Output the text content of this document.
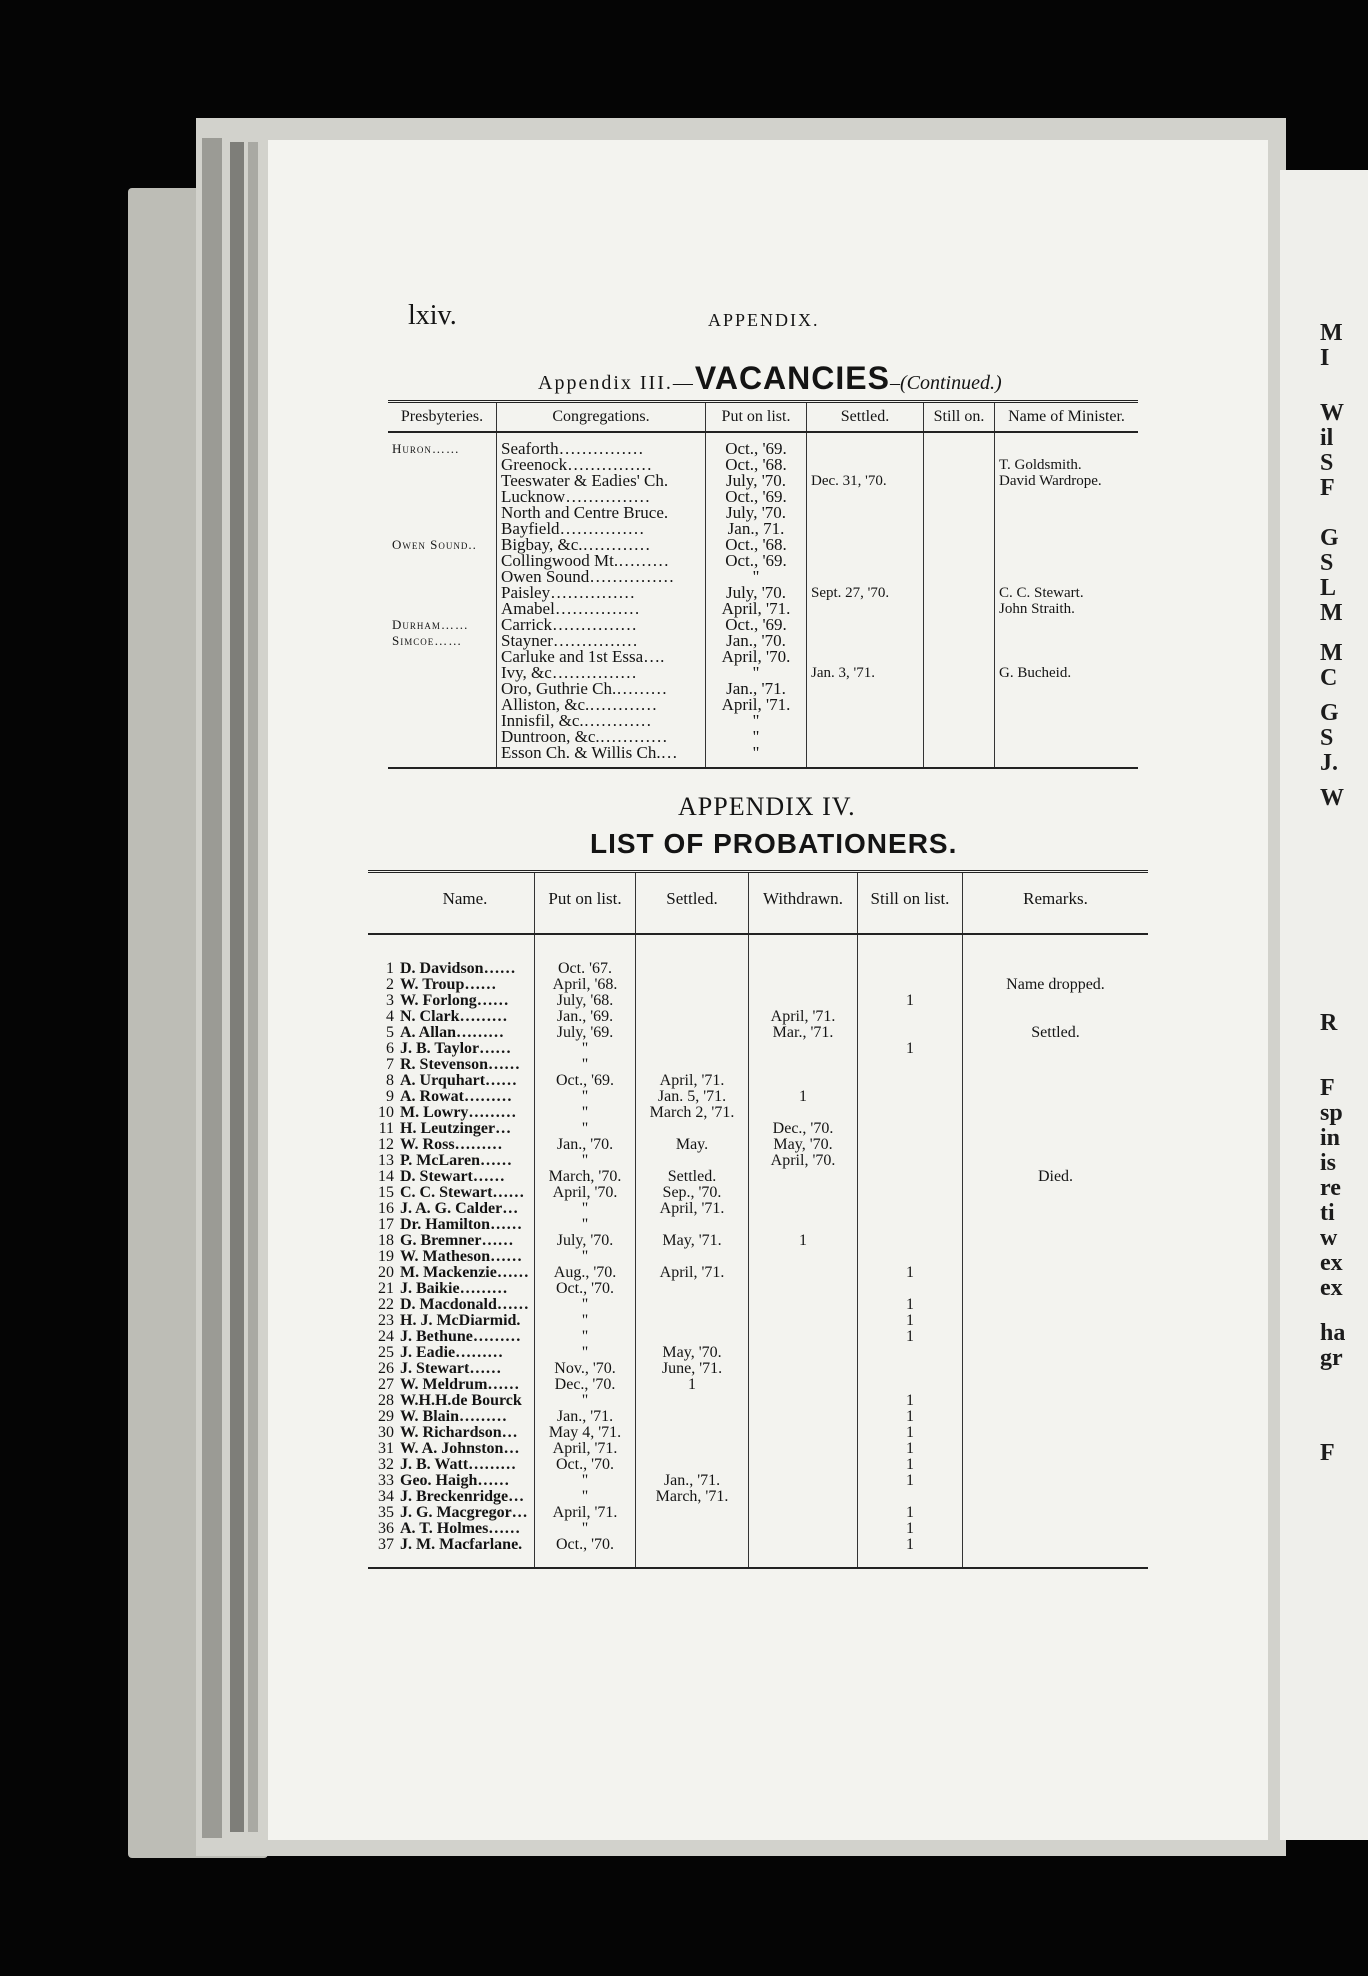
M
I
W
il
S
F
G
S
L
M
M
C
G
S
J.
W
R
F
sp
in
is
re
ti
w
ex
ex
ha
gr
F
lxiv.	APPENDIX.
Appendix III.—VACANCIES–(Continued.)
Presbyteries.	Congregations.	Put on list.	Settled.	Still on.	Name of Minister.
Huron……	Seaforth……………	Oct., '69.			
	Greenock……………	Oct., '68.			T. Goldsmith.
	Teeswater & Eadies' Ch.	July, '70.	Dec. 31, '70.		David Wardrope.
	Lucknow……………	Oct., '69.			
	North and Centre Bruce.	July, '70.			
	Bayfield……………	Jan., 71.			
Owen Sound..	Bigbay, &c.…………	Oct., '68.			
	Collingwood Mt.………	Oct., '69.			
	Owen Sound……………	"			
	Paisley……………	July, '70.	Sept. 27, '70.		C. C. Stewart.
	Amabel……………	April, '71.			John Straith.
Durham……	Carrick……………	Oct., '69.			
Simcoe……	Stayner……………	Jan., '70.			
	Carluke and 1st Essa….	April, '70.			
	Ivy, &c……………	"	Jan. 3, '71.		G. Bucheid.
	Oro, Guthrie Ch.………	Jan., '71.			
	Alliston, &c.…………	April, '71.			
	Innisfil, &c.…………	"			
	Duntroon, &c.…………	"			
	Esson Ch. & Willis Ch.…	"			
APPENDIX IV.
LIST OF PROBATIONERS.
	Name.	Put on list.	Settled.	Withdrawn.	Still on list.	Remarks.
1	D. Davidson……	Oct. '67.				
2	W. Troup……	April, '68.				Name dropped.
3	W. Forlong……	July, '68.			1	
4	N. Clark………	Jan., '69.		April, '71.		
5	A. Allan………	July, '69.		Mar., '71.		Settled.
6	J. B. Taylor……	"			1	
7	R. Stevenson……	"				
8	A. Urquhart……	Oct., '69.	April, '71.			
9	A. Rowat………	"	Jan. 5, '71.	1		
10	M. Lowry………	"	March 2, '71.			
11	H. Leutzinger…	"		Dec., '70.		
12	W. Ross………	Jan., '70.	May.	May, '70.		
13	P. McLaren……	"		April, '70.		
14	D. Stewart……	March, '70.	Settled.			Died.
15	C. C. Stewart……	April, '70.	Sep., '70.			
16	J. A. G. Calder…	"	April, '71.			
17	Dr. Hamilton……	"				
18	G. Bremner……	July, '70.	May, '71.	1		
19	W. Matheson……	"				
20	M. Mackenzie……	Aug., '70.	April, '71.		1	
21	J. Baikie………	Oct., '70.				
22	D. Macdonald……	"			1	
23	H. J. McDiarmid.	"			1	
24	J. Bethune………	"			1	
25	J. Eadie………	"	May, '70.			
26	J. Stewart……	Nov., '70.	June, '71.			
27	W. Meldrum……	Dec., '70.	1			
28	W.H.H.de Bourck	"			1	
29	W. Blain………	Jan., '71.			1	
30	W. Richardson…	May 4, '71.			1	
31	W. A. Johnston…	April, '71.			1	
32	J. B. Watt………	Oct., '70.			1	
33	Geo. Haigh……	"	Jan., '71.		1	
34	J. Breckenridge…	"	March, '71.			
35	J. G. Macgregor…	April, '71.			1	
36	A. T. Holmes……	"			1	
37	J. M. Macfarlane.	Oct., '70.			1	
